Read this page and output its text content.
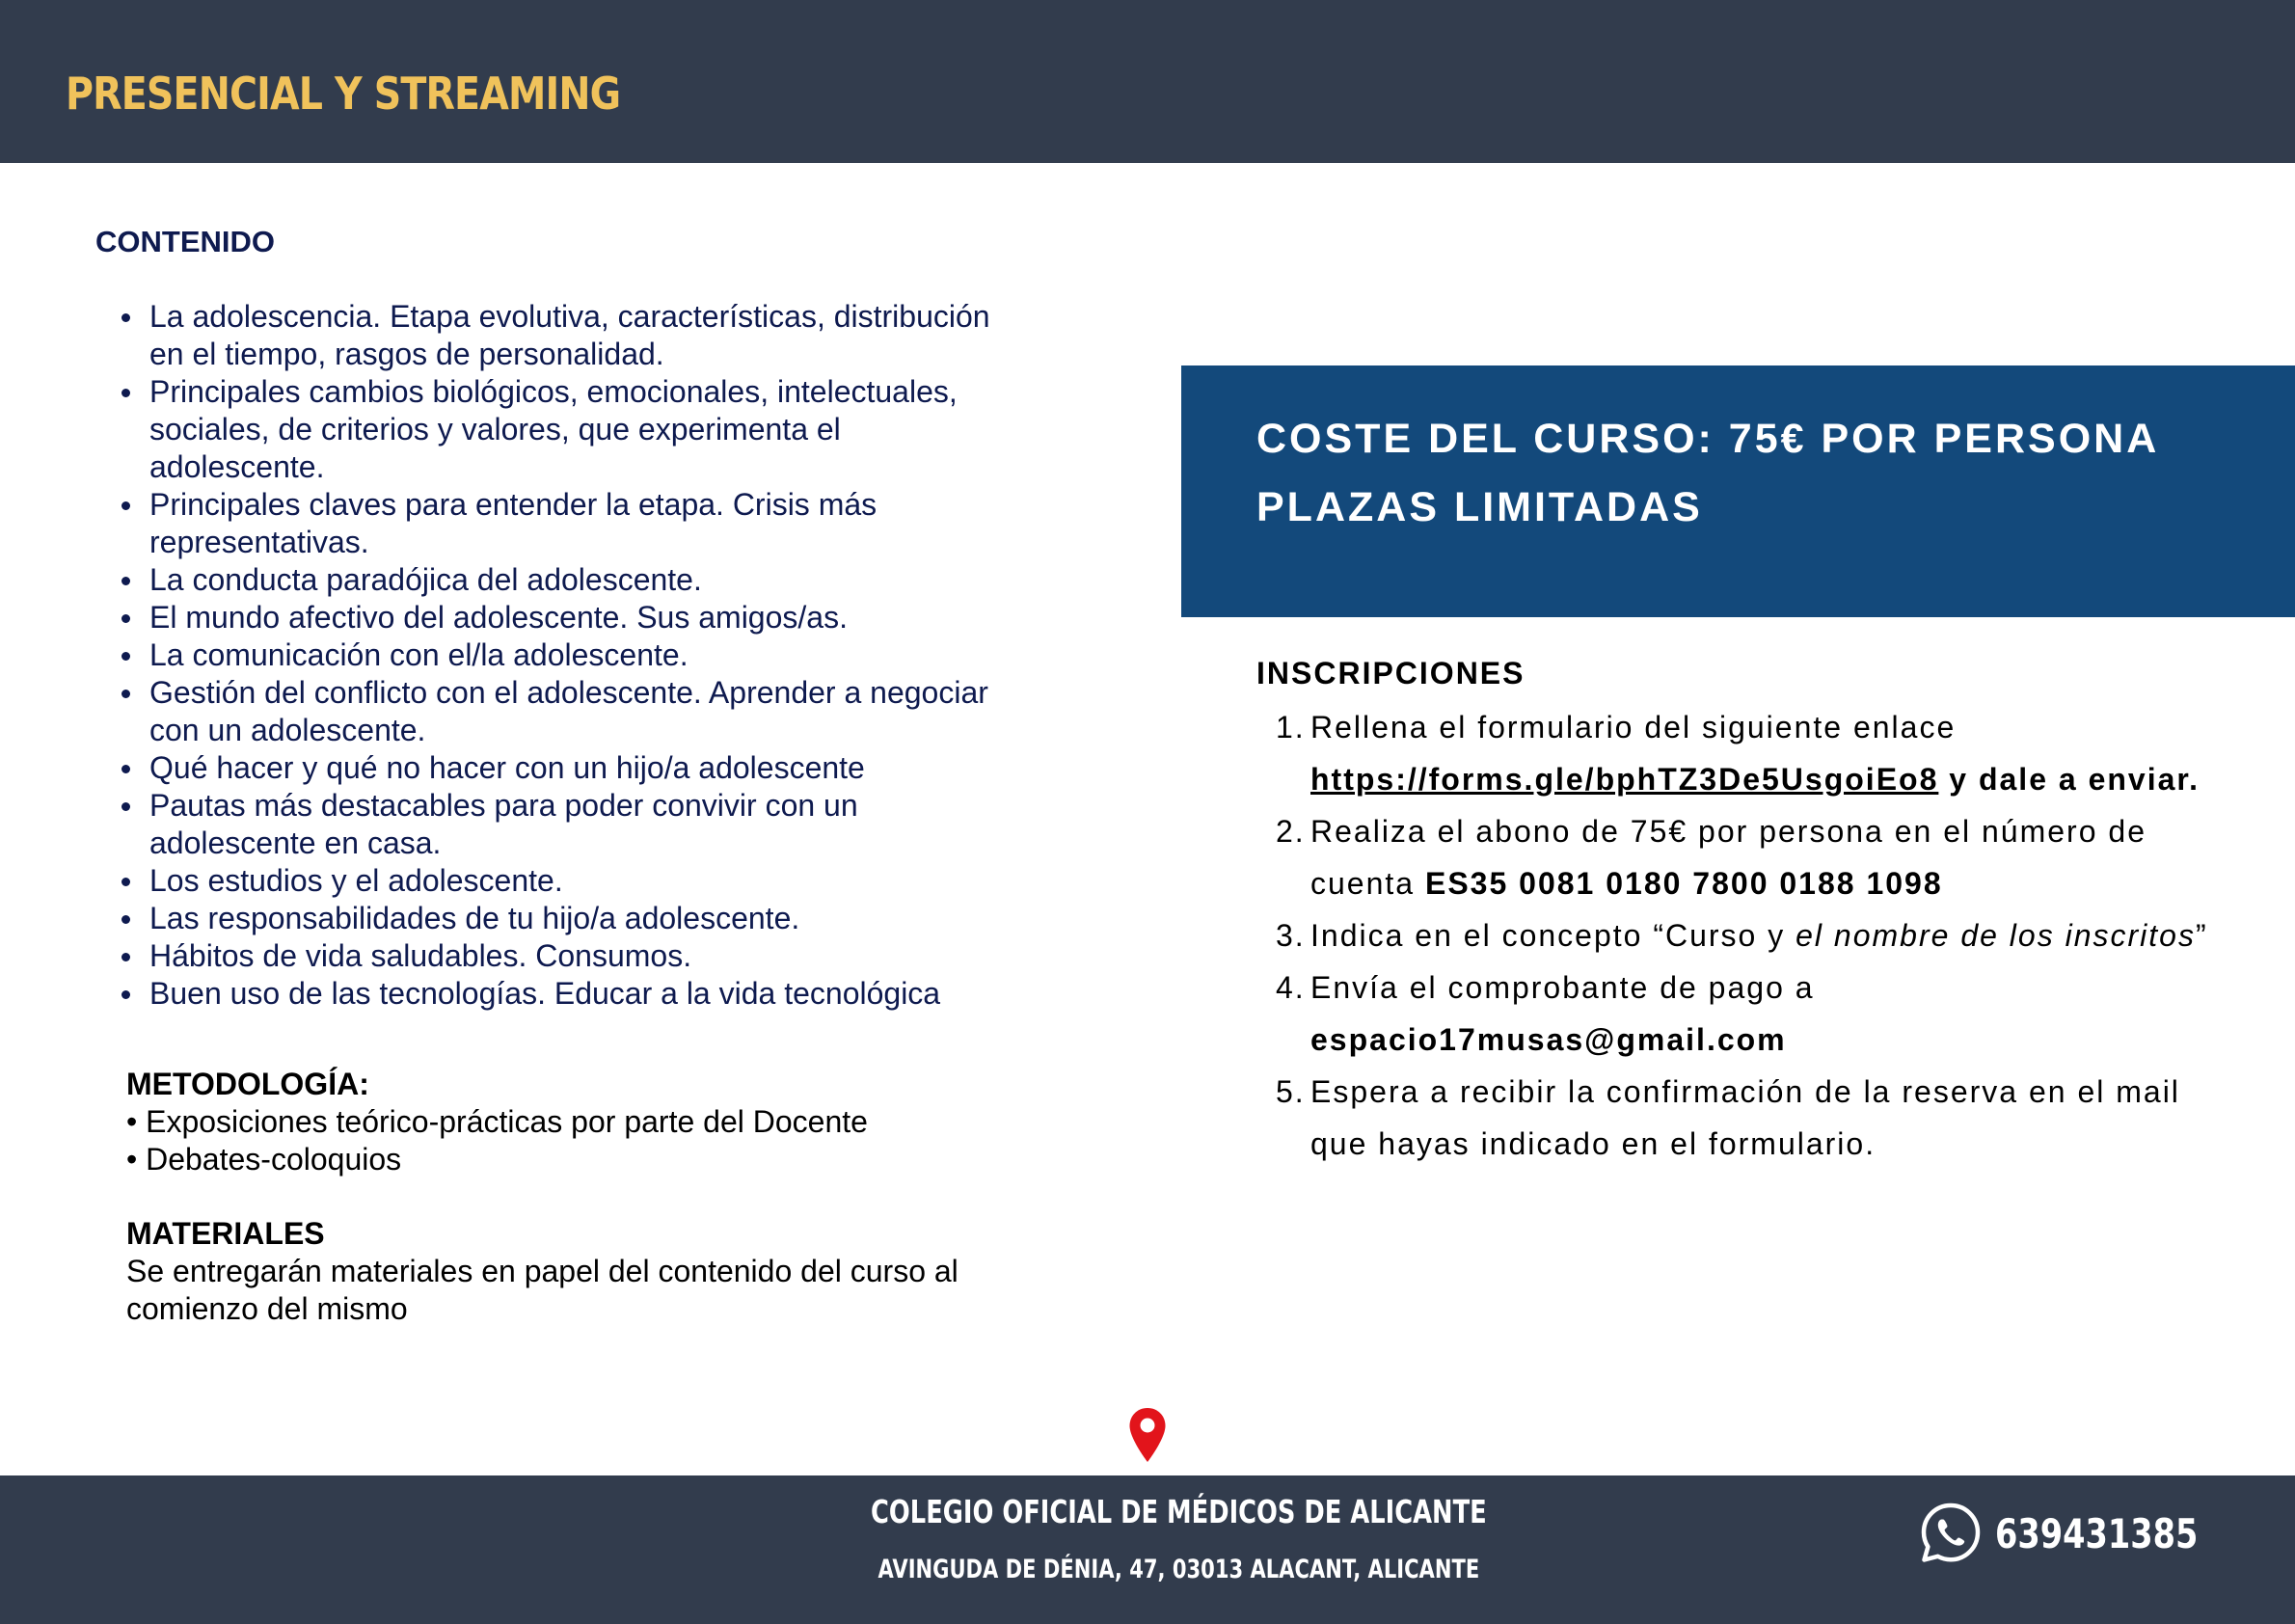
PRESENCIAL Y STREAMING
CONTENIDO
La adolescencia. Etapa evolutiva, características, distribución en el tiempo, rasgos de personalidad.
Principales cambios biológicos, emocionales, intelectuales, sociales, de criterios y valores, que experimenta el adolescente.
Principales claves para entender la etapa. Crisis más representativas.
La conducta paradójica del adolescente.
El mundo afectivo del adolescente. Sus amigos/as.
La comunicación con el/la adolescente.
Gestión del conflicto con el adolescente. Aprender a negociar con un adolescente.
Qué hacer y qué no hacer con un hijo/a adolescente
Pautas más destacables para poder convivir con un adolescente en casa.
Los estudios y el adolescente.
Las responsabilidades de tu hijo/a adolescente.
Hábitos de vida saludables. Consumos.
Buen uso de las tecnologías. Educar a la vida tecnológica
METODOLOGÍA:
• Exposiciones teórico-prácticas por parte del Docente
• Debates-coloquios
MATERIALES
Se entregarán materiales en papel del contenido del curso al comienzo del mismo
COSTE DEL CURSO: 75€ POR PERSONA
PLAZAS LIMITADAS
INSCRIPCIONES
1. Rellena el formulario del siguiente enlace https://forms.gle/bphTZ3De5UsgoiEo8 y dale a enviar.
2. Realiza el abono de 75€ por persona en el número de cuenta ES35 0081 0180 7800 0188 1098
3. Indica en el concepto “Curso y el nombre de los inscritos”
4. Envía el comprobante de pago a espacio17musas@gmail.com
5. Espera a recibir la confirmación de la reserva en el mail que hayas indicado en el formulario.
COLEGIO OFICIAL DE MÉDICOS DE ALICANTE
AVINGUDA DE DÉNIA, 47, 03013 ALACANT, ALICANTE
639431385
